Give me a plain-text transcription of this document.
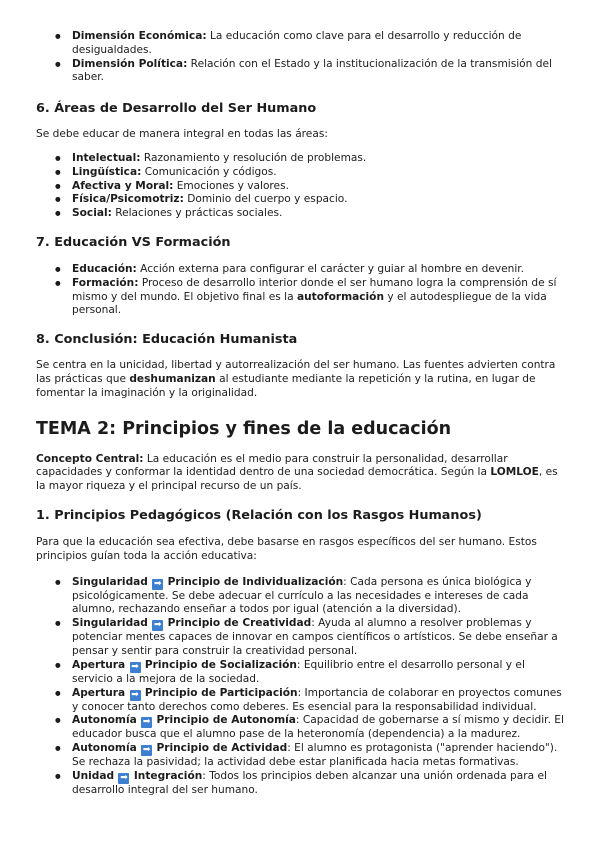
● Dimensión Económica: La educación como clave para el desarrollo y reducción de desigualdades.
● Dimensión Política: Relación con el Estado y la institucionalización de la transmisión del saber.
6. Áreas de Desarrollo del Ser Humano

Se debe educar de manera integral en todas las áreas:

● Intelectual: Razonamiento y resolución de problemas.
● Lingüística: Comunicación y códigos.
● Afectiva y Moral: Emociones y valores.
● Física/Psicomotriz: Dominio del cuerpo y espacio.
● Social: Relaciones y prácticas sociales.
7. Educación VS Formación
● Educación: Acción externa para configurar el carácter y guiar al hombre en devenir.
● Formación: Proceso de desarrollo interior donde el ser humano logra la comprensión de sí mismo y del mundo. El objetivo final es la autoformación y el autodespliegue de la vida personal.
8. Conclusión: Educación Humanista

Se centra en la unicidad, libertad y autorrealización del ser humano. Las fuentes advierten contra las prácticas que deshumanizan al estudiante mediante la repetición y la rutina, en lugar de fomentar la imaginación y la originalidad.

TEMA 2: Principios y fines de la educación

Concepto Central: La educación es el medio para construir la personalidad, desarrollar capacidades y conformar la identidad dentro de una sociedad democrática. Según la LOMLOE, es la mayor riqueza y el principal recurso de un país.

1. Principios Pedagógicos (Relación con los Rasgos Humanos)

Para que la educación sea efectiva, debe basarse en rasgos específicos del ser humano. Estos principios guían toda la acción educativa:

● Singularidad ➡ Principio de Individualización: Cada persona es única biológica y psicológicamente. Se debe adecuar el currículo a las necesidades e intereses de cada alumno, rechazando enseñar a todos por igual (atención a la diversidad).
● Singularidad ➡ Principio de Creatividad: Ayuda al alumno a resolver problemas y potenciar mentes capaces de innovar en campos científicos o artísticos. Se debe enseñar a pensar y sentir para construir la creatividad personal.
● Apertura ➡ Principio de Socialización: Equilibrio entre el desarrollo personal y el servicio a la mejora de la sociedad.
● Apertura ➡ Principio de Participación: Importancia de colaborar en proyectos comunes y conocer tanto derechos como deberes. Es esencial para la responsabilidad individual.
● Autonomía ➡ Principio de Autonomía: Capacidad de gobernarse a sí mismo y decidir. El educador busca que el alumno pase de la heteronomía (dependencia) a la madurez.
● Autonomía ➡ Principio de Actividad: El alumno es protagonista ("aprender haciendo"). Se rechaza la pasividad; la actividad debe estar planificada hacia metas formativas.
● Unidad ➡ Integración: Todos los principios deben alcanzar una unión ordenada para el desarrollo integral del ser humano.
